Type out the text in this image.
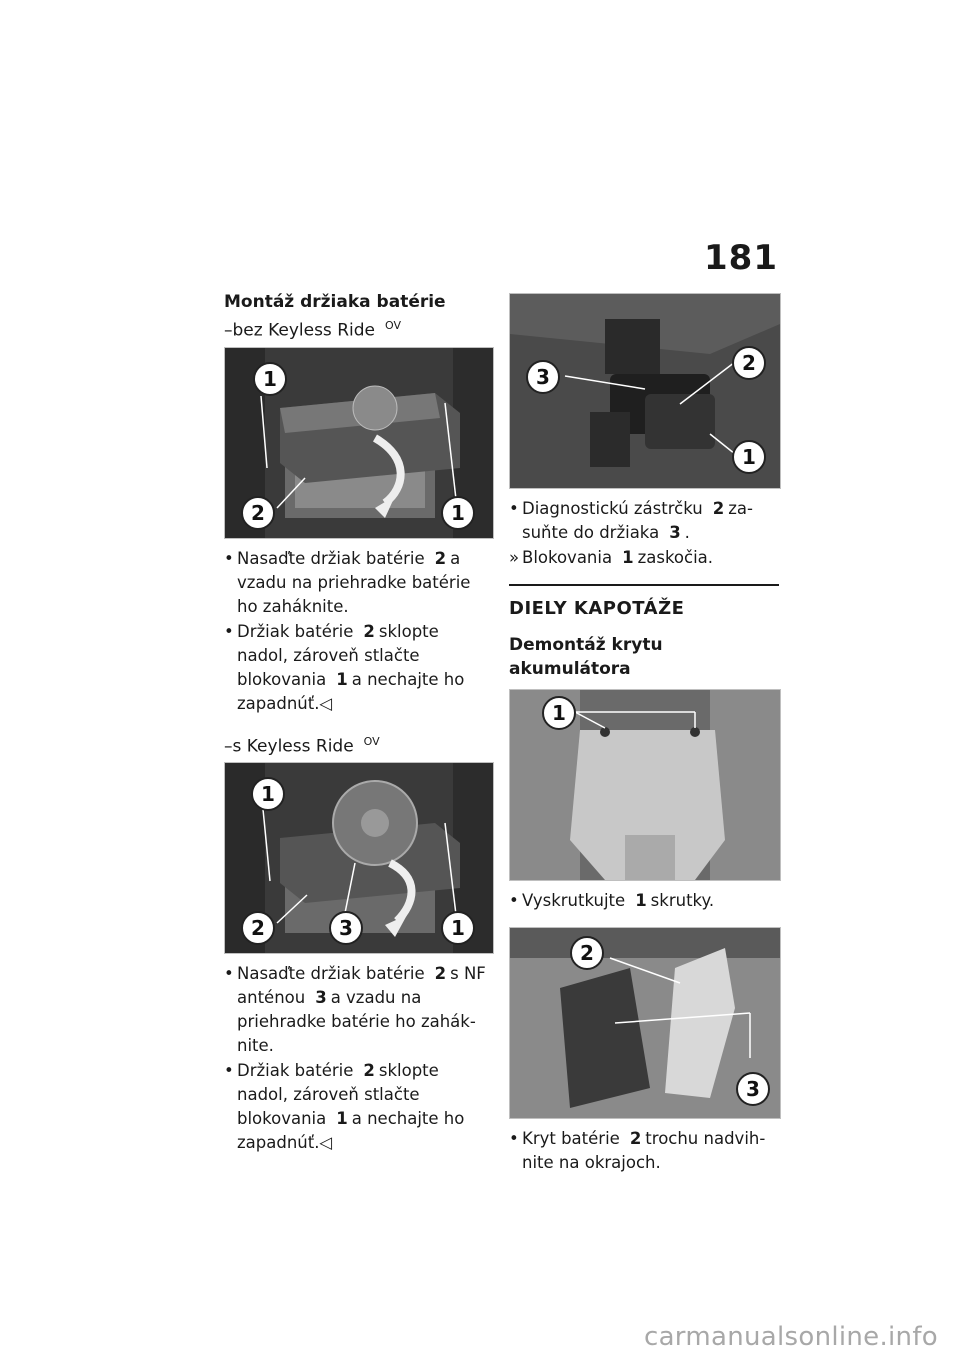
181

Montáž držiaka batérie

–bez Keyless Ride $^{OV}$

1
2	1
• Nasaďte držiak batérie 2 a vzadu na priehradke batérie ho zaháknite.
• Držiak batérie 2 sklopte nadol, zároveň stlačte blokovania 1 a nechajte ho zapadnúť.◁

–s Keyless Ride $^{OV}$

1
2	3	1
• Nasaďte držiak batérie 2 s NF anténou 3 a vzadu na priehradke batérie ho zahák-nite.
• Držiak batérie 2 sklopte nadol, zároveň stlačte blokovania 1 a nechajte ho zapadnúť.◁
3
2
1
• Diagnostickú zástrčku 2 za-suňte do držiaka 3 .
» Blokovania 1 zaskočia.

DIELY KAPOTÁŽE

Demontáž krytu akumulátora

1
• Vyskrutkujte 1 skrutky.
2
3
• Kryt batérie 2 trochu nadvih-nite na okrajoch.
carmanualsonline.info
